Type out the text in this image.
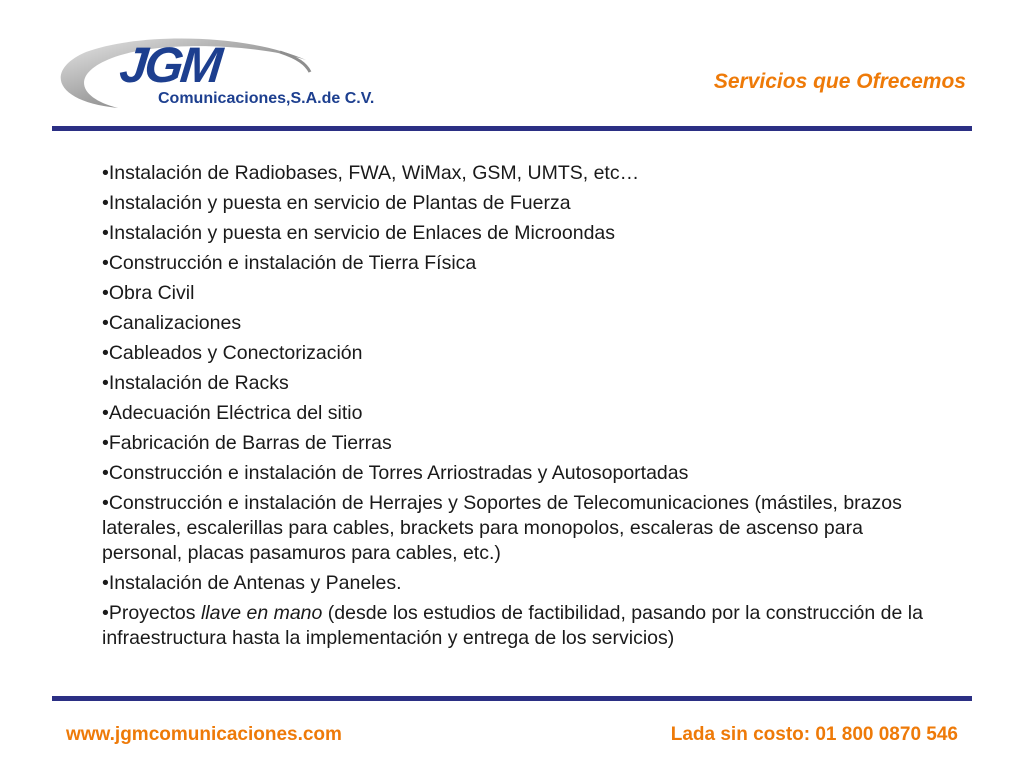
JGM
Comunicaciones,S.A.de C.V.
Servicios que Ofrecemos
•Instalación de Radiobases, FWA, WiMax, GSM, UMTS, etc…
•Instalación y puesta en servicio de Plantas de Fuerza
•Instalación y puesta en servicio de Enlaces de Microondas
•Construcción e instalación de Tierra Física
•Obra Civil
•Canalizaciones
•Cableados y Conectorización
•Instalación de Racks
•Adecuación Eléctrica del sitio
•Fabricación de Barras de Tierras
•Construcción e instalación de Torres Arriostradas y Autosoportadas
•Construcción e instalación de Herrajes y Soportes de Telecomunicaciones (mástiles, brazos laterales, escalerillas para cables, brackets para monopolos, escaleras de ascenso para personal, placas pasamuros para cables, etc.)
•Instalación de Antenas y Paneles.
•Proyectos llave en mano (desde los estudios de factibilidad, pasando por la construcción de la infraestructura hasta la implementación y entrega de los servicios)
www.jgmcomunicaciones.com	Lada sin costo: 01 800 0870 546
